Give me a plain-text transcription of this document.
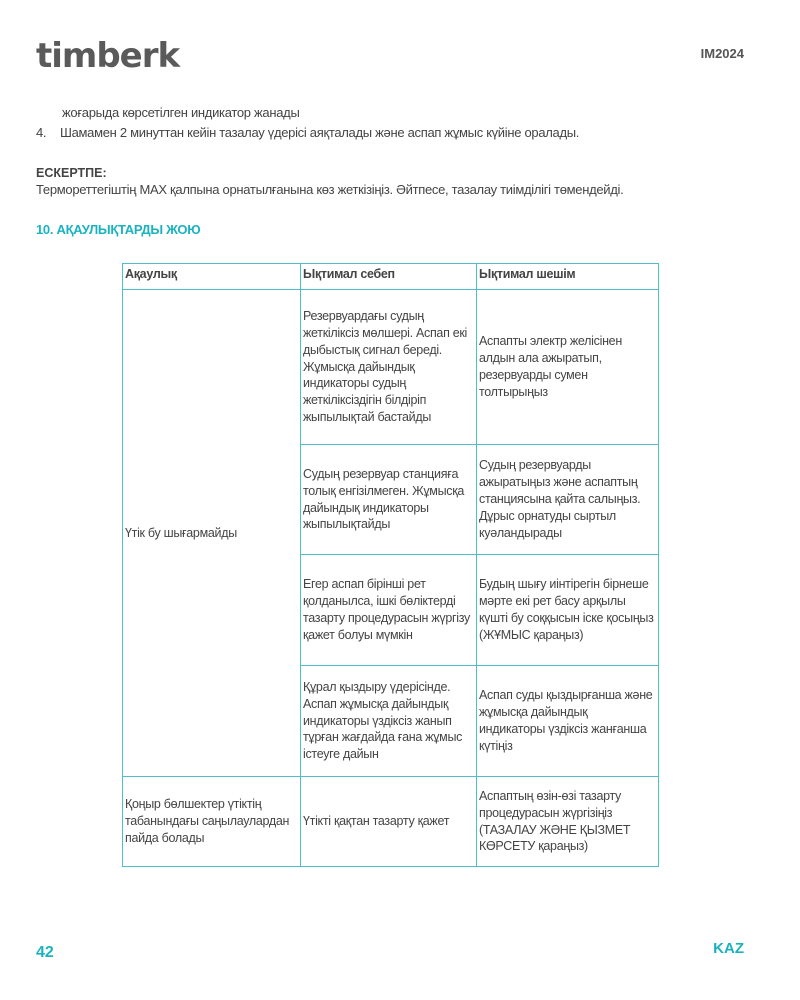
timberk	IM2024
жоғарыда көрсетілген индикатор жанады
4. Шамамен 2 минуттан кейін тазалау үдерісі аяқталады және аспап жұмыс күйіне оралады.
ЕСКЕРТПЕ:
Термореттегіштің MAX қалпына орнатылғанына көз жеткізіңіз. Әйтпесе, тазалау тиімділігі төмендейді.
10. АҚАУЛЫҚТАРДЫ ЖОЮ
Ақаулық	Ықтимал себеп	Ықтимал шешім
Үтік бу шығармайды	Резервуардағы судың жеткіліксіз мөлшері. Аспап екі дыбыстық сигнал береді. Жұмысқа дайындық индикаторы судың жеткіліксіздігін білдіріп жыпылықтай бастайды	Аспапты электр желісінен алдын ала ажыратып, резервуарды сумен толтырыңыз
	Судың резервуар станцияға толық енгізілмеген. Жұмысқа дайындық индикаторы жыпылықтайды	Судың резервуарды ажыратыңыз және аспаптың станциясына қайта салыңыз. Дұрыс орнатуды сыртыл куәландырады
	Егер аспап бірінші рет қолданылса, ішкі бөліктерді тазарту процедурасын жүргізу қажет болуы мүмкін	Будың шығу иінтірегін бірнеше мәрте екі рет басу арқылы күшті бу соққысын іске қосыңыз (ЖҰМЫС қараңыз)
	Құрал қыздыру үдерісінде. Аспап жұмысқа дайындық индикаторы үздіксіз жанып тұрған жағдайда ғана жұмыс істеуге дайын	Аспап суды қыздырғанша және жұмысқа дайындық индикаторы үздіксіз жанғанша күтіңіз
Қоңыр бөлшектер үтіктің табанындағы саңылаулардан пайда болады	Үтікті қақтан тазарту қажет	Аспаптың өзін-өзі тазарту процедурасын жүргізіңіз (ТАЗАЛАУ ЖӘНЕ ҚЫЗМЕТ КӨРСЕТУ қараңыз)
42	KAZ
